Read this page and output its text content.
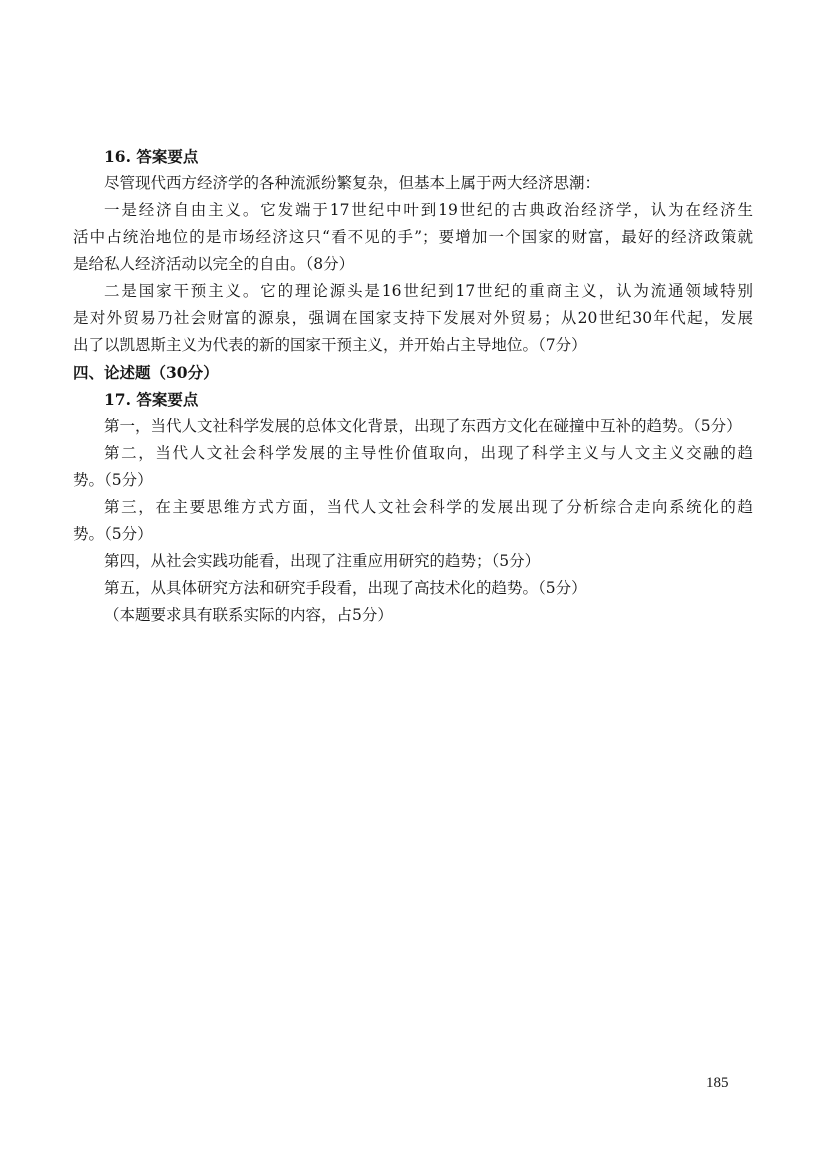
16. 答案要点
尽管现代西方经济学的各种流派纷繁复杂，但基本上属于两大经济思潮：
一是经济自由主义。它发端于17世纪中叶到19世纪的古典政治经济学，认为在经济生
活中占统治地位的是市场经济这只“看不见的手”；要增加一个国家的财富，最好的经济政策就
是给私人经济活动以完全的自由。（8分）
二是国家干预主义。它的理论源头是16世纪到17世纪的重商主义，认为流通领域特别
是对外贸易乃社会财富的源泉，强调在国家支持下发展对外贸易；从20世纪30年代起，发展
出了以凯恩斯主义为代表的新的国家干预主义，并开始占主导地位。（7分）
四、论述题（30分）
17. 答案要点
第一，当代人文社科学发展的总体文化背景，出现了东西方文化在碰撞中互补的趋势。（5分）
第二，当代人文社会科学发展的主导性价值取向，出现了科学主义与人文主义交融的趋
势。（5分）
第三，在主要思维方式方面，当代人文社会科学的发展出现了分析综合走向系统化的趋
势。（5分）
第四，从社会实践功能看，出现了注重应用研究的趋势；（5分）
第五，从具体研究方法和研究手段看，出现了高技术化的趋势。（5分）
（本题要求具有联系实际的内容，占5分）
185
